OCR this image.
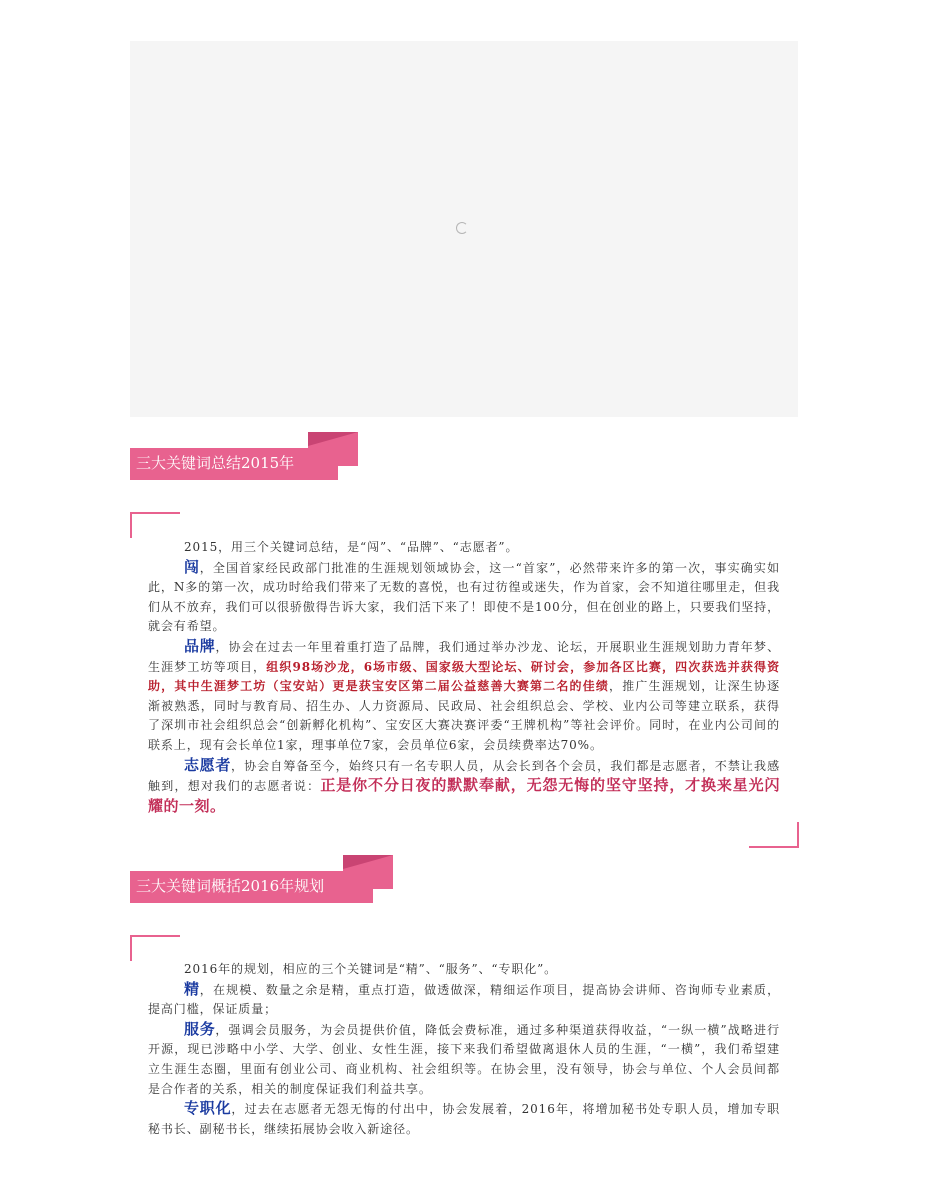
三大关键词总结2015年

2015，用三个关键词总结，是“闯”、“品牌”、“志愿者”。

闯，全国首家经民政部门批准的生涯规划领域协会，这一“首家”，必然带来许多的第一次，事实确实如此，N多的第一次，成功时给我们带来了无数的喜悦，也有过彷徨或迷失，作为首家，会不知道往哪里走，但我们从不放弃，我们可以很骄傲得告诉大家，我们活下来了！即使不是100分，但在创业的路上，只要我们坚持，就会有希望。

品牌，协会在过去一年里着重打造了品牌，我们通过举办沙龙、论坛，开展职业生涯规划助力青年梦、生涯梦工坊等项目，组织98场沙龙，6场市级、国家级大型论坛、研讨会，参加各区比赛，四次获选并获得资助，其中生涯梦工坊（宝安站）更是获宝安区第二届公益慈善大赛第二名的佳绩，推广生涯规划，让深生协逐渐被熟悉，同时与教育局、招生办、人力资源局、民政局、社会组织总会、学校、业内公司等建立联系，获得了深圳市社会组织总会“创新孵化机构”、宝安区大赛决赛评委“王牌机构”等社会评价。同时，在业内公司间的联系上，现有会长单位1家，理事单位7家，会员单位6家，会员续费率达70%。

志愿者，协会自筹备至今，始终只有一名专职人员，从会长到各个会员，我们都是志愿者，不禁让我感触到，想对我们的志愿者说：正是你不分日夜的默默奉献，无怨无悔的坚守坚持，才换来星光闪耀的一刻。

三大关键词概括2016年规划

2016年的规划，相应的三个关键词是“精”、“服务”、“专职化”。

精，在规模、数量之余是精，重点打造，做透做深，精细运作项目，提高协会讲师、咨询师专业素质，提高门槛，保证质量；

服务，强调会员服务，为会员提供价值，降低会费标准，通过多种渠道获得收益，“一纵一横”战略进行开源，现已涉略中小学、大学、创业、女性生涯，接下来我们希望做离退休人员的生涯，“一横”，我们希望建立生涯生态圈，里面有创业公司、商业机构、社会组织等。在协会里，没有领导，协会与单位、个人会员间都是合作者的关系，相关的制度保证我们利益共享。

专职化，过去在志愿者无怨无悔的付出中，协会发展着，2016年，将增加秘书处专职人员，增加专职秘书长、副秘书长，继续拓展协会收入新途径。
